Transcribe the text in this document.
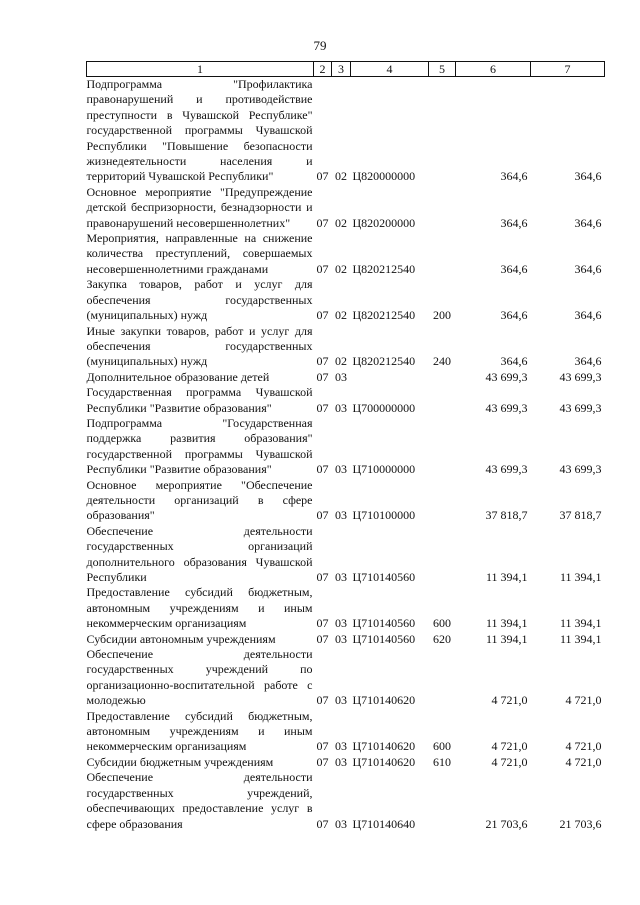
79
1	2	3	4	5	6	7
Подпрограмма "Профилактика правонарушений и противодействие преступности в Чувашской Республике" государственной программы Чувашской Республики "Повышение безопасности жизнедеятельности населения и территорий Чувашской Республики"	07	02	Ц820000000		364,6	364,6
Основное мероприятие "Предупреждение детской беспризорности, безнадзорности и правонарушений несовершеннолетних"	07	02	Ц820200000		364,6	364,6
Мероприятия, направленные на снижение количества преступлений, совершаемых несовершеннолетними гражданами	07	02	Ц820212540		364,6	364,6
Закупка товаров, работ и услуг для обеспечения государственных (муниципальных) нужд	07	02	Ц820212540	200	364,6	364,6
Иные закупки товаров, работ и услуг для обеспечения государственных (муниципальных) нужд	07	02	Ц820212540	240	364,6	364,6
Дополнительное образование детей	07	03			43 699,3	43 699,3
Государственная программа Чувашской Республики "Развитие образования"	07	03	Ц700000000		43 699,3	43 699,3
Подпрограмма "Государственная поддержка развития образования" государственной программы Чувашской Республики "Развитие образования"	07	03	Ц710000000		43 699,3	43 699,3
Основное мероприятие "Обеспечение деятельности организаций в сфере образования"	07	03	Ц710100000		37 818,7	37 818,7
Обеспечение деятельности государственных организаций дополнительного образования Чувашской Республики	07	03	Ц710140560		11 394,1	11 394,1
Предоставление субсидий бюджетным, автономным учреждениям и иным некоммерческим организациям	07	03	Ц710140560	600	11 394,1	11 394,1
Субсидии автономным учреждениям	07	03	Ц710140560	620	11 394,1	11 394,1
Обеспечение деятельности государственных учреждений по организационно-воспитательной работе с молодежью	07	03	Ц710140620		4 721,0	4 721,0
Предоставление субсидий бюджетным, автономным учреждениям и иным некоммерческим организациям	07	03	Ц710140620	600	4 721,0	4 721,0
Субсидии бюджетным учреждениям	07	03	Ц710140620	610	4 721,0	4 721,0
Обеспечение деятельности государственных учреждений, обеспечивающих предоставление услуг в сфере образования	07	03	Ц710140640		21 703,6	21 703,6
